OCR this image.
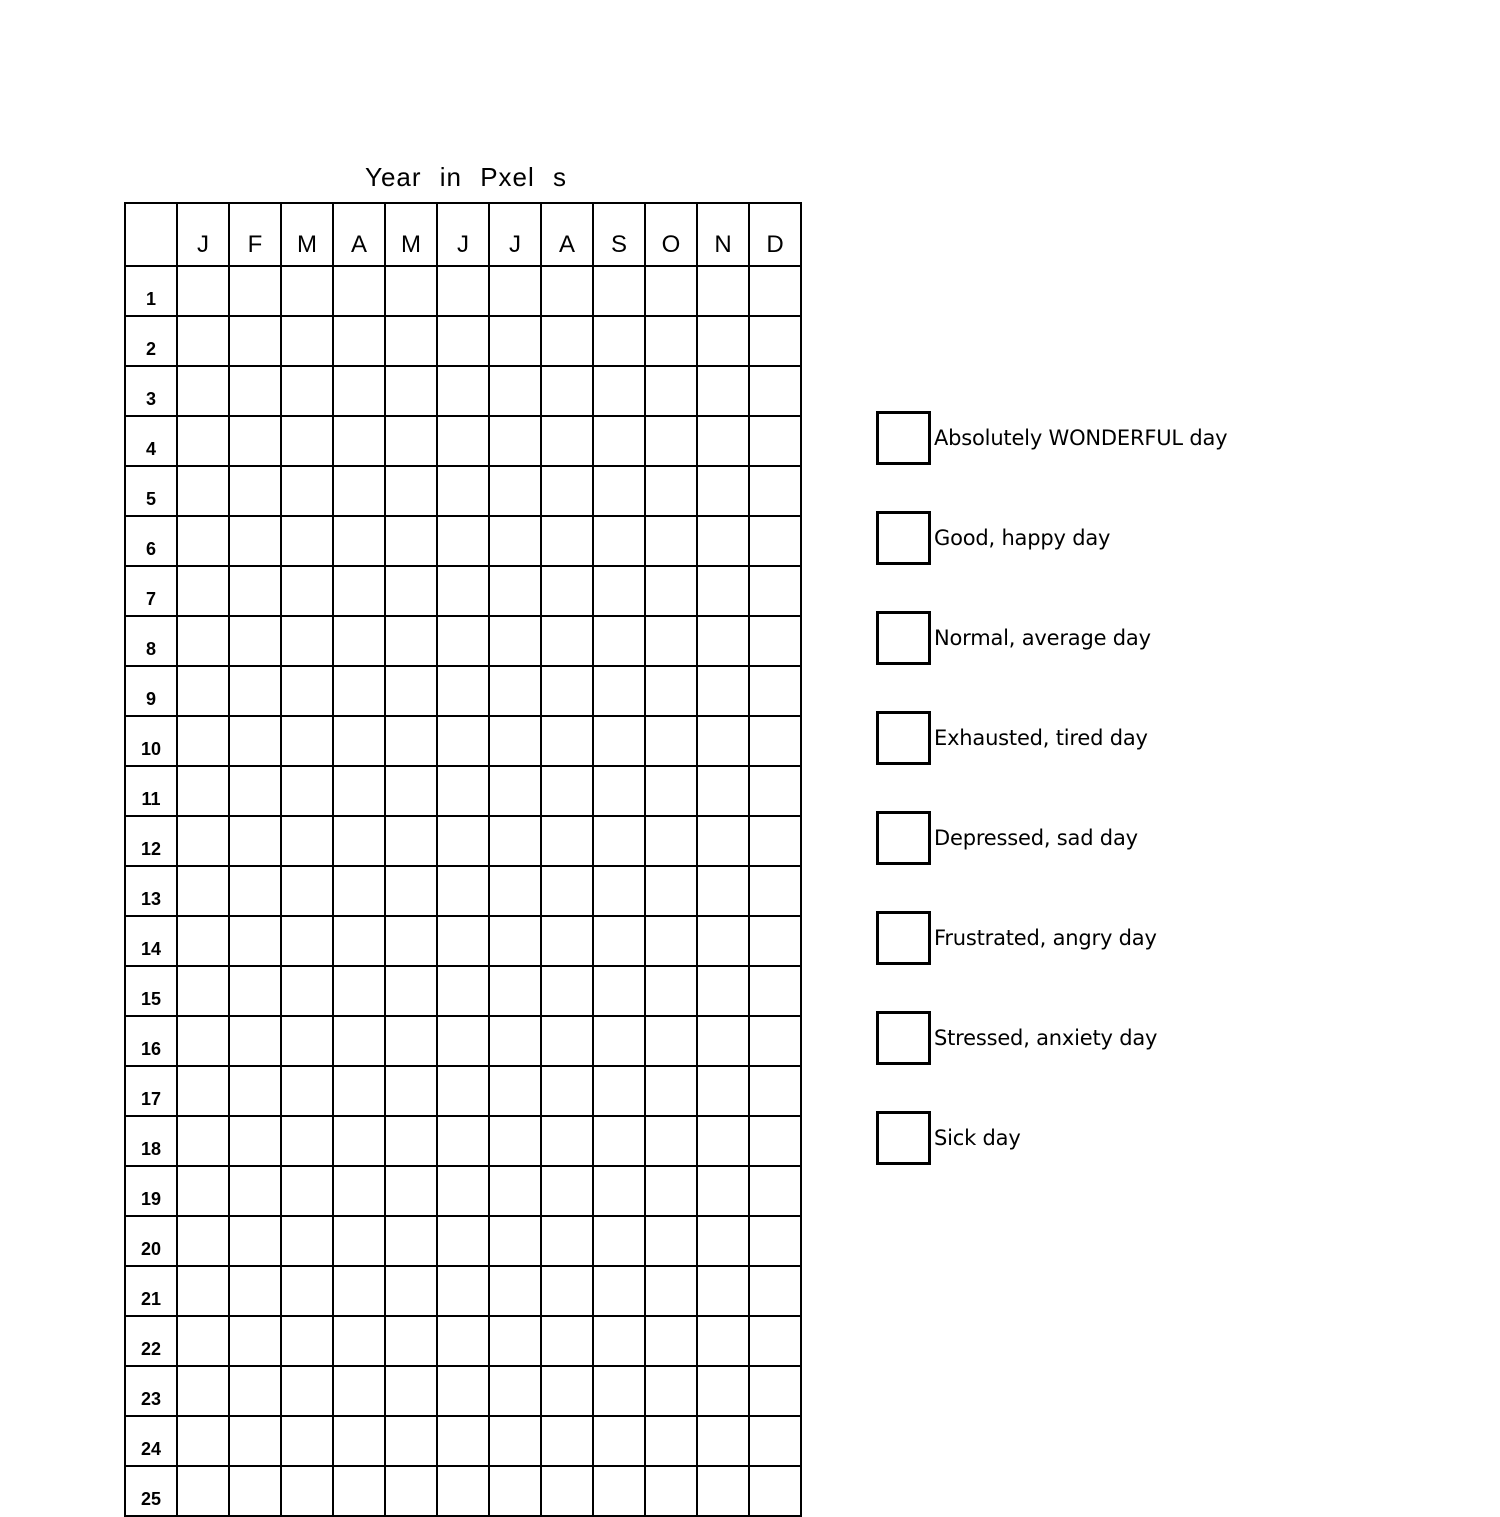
Year in Pxel s
	J	F	M	A	M	J	J	A	S	O	N	D
1												
2												
3												
4												
5												
6												
7												
8												
9												
10												
11												
12												
13												
14												
15												
16												
17												
18												
19												
20												
21												
22												
23												
24												
25												
Absolutely WONDERFUL day
Good, happy day
Normal, average day
Exhausted, tired day
Depressed, sad day
Frustrated, angry day
Stressed, anxiety day
Sick day
